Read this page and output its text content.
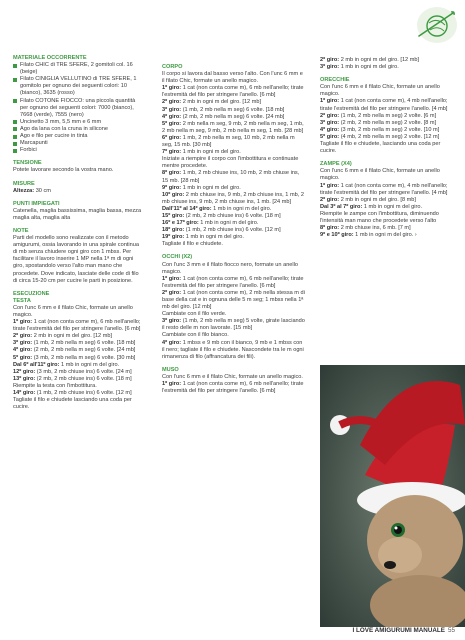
MATERIALE OCCORRENTE
Filato CHIC di TRE SFERE, 2 gomitoli col. 16 (beige)
Filato CINIGLIA VELLUTINO di TRE SFERE, 1 gomitolo per ognuno dei seguenti colori: 10 (bianco), 3635 (rosso)
Filato COTONE FIOCCO: una piccola quantità per ognuno dei seguenti colori: 7000 (bianco), 7668 (verde), 7555 (nero)
Uncinetto 3 mm, 5,5 mm e 6 mm
Ago da lana con la cruna in silicone
Ago e filo per cucire in tinta
Marcapunti
Forbici
TENSIONE
Potete lavorare secondo la vostra mano.
MISURE
Altezza: 30 cm
PUNTI IMPIEGATI
Catenella, maglia bassissima, maglia bassa, mezza maglia alta, maglia alta
NOTE
Parti del modello sono realizzate con il metodo amigurumi, ossia lavorando in una spirale continua di mb senza chiudere ogni giro con 1 mbss. Per facilitare il lavoro inserire 1 MP nella 1ª m di ogni giro, spostandolo verso l'alto man mano che procedete. Dove indicato, lasciate delle code di filo di circa 15-20 cm per cucire le parti in posizione.
ESECUZIONE
TESTA
Con l'unc 6 mm e il filato Chic, formate un anello magico.
1º giro: 1 cat (non conta come m), 6 mb nell'anello; tirate l'estremità del filo per stringere l'anello. [6 mb]
2º giro: 2 mb in ogni m del giro. [12 mb]
3º giro: (1 mb, 2 mb nella m seg) 6 volte. [18 mb]
4º giro: (2 mb, 2 mb nella m seg) 6 volte. [24 mb]
5º giro: (3 mb, 2 mb nella m seg) 6 volte. [30 mb]
Dal 6º all'11º giro: 1 mb in ogni m del giro.
12º giro: (3 mb, 2 mb chiuse ins) 6 volte. [24 m]
13º giro: (2 mb, 2 mb chiuse ins) 6 volte. [18 m]
Riempite la testa con l'imbottitura.
14º giro: (1 mb, 2 mb chiuse ins) 6 volte. [12 m]
Tagliate il filo e chiudete lasciando una coda per cucire.
CORPO
Il corpo si lavora dal basso verso l'alto. Con l'unc 6 mm e il filato Chic, formate un anello magico.
1º giro: 1 cat (non conta come m), 6 mb nell'anello; tirate l'estremità del filo per stringere l'anello. [6 mb]
2º giro: 2 mb in ogni m del giro. [12 mb]
3º giro: (1 mb, 2 mb nella m seg) 6 volte. [18 mb]
4º giro: (2 mb, 2 mb nella m seg) 6 volte. [24 mb]
5º giro: 2 mb nella m seg, 9 mb, 2 mb nella m seg, 1 mb, 2 mb nella m seg, 9 mb, 2 mb nella m seg, 1 mb. [28 mb]
6º giro: 1 mb, 2 mb nella m seg, 10 mb, 2 mb nella m seg, 15 mb. [30 mb]
7º giro: 1 mb in ogni m del giro.
Iniziate a riempire il corpo con l'imbottitura e continuate mentre procedete.
8º giro: 1 mb, 2 mb chiuse ins, 10 mb, 2 mb chiuse ins, 15 mb. [28 mb]
9º giro: 1 mb in ogni m del giro.
10º giro: 2 mb chiuse ins, 9 mb, 2 mb chiuse ins, 1 mb, 2 mb chiuse ins, 9 mb, 2 mb chiuse ins, 1 mb. [24 mb]
Dall'11º al 14º giro: 1 mb in ogni m del giro.
15º giro: (2 mb, 2 mb chiuse ins) 6 volte. [18 m]
16º e 17º giro: 1 mb in ogni m del giro.
18º giro: (1 mb, 2 mb chiuse ins) 6 volte. [12 m]
19º giro: 1 mb in ogni m del giro.
Tagliate il filo e chiudete.
OCCHI (X2)
Con l'unc 3 mm e il filato fiocco nero, formate un anello magico.
1º giro: 1 cat (non conta come m), 6 mb nell'anello; tirate l'estremità del filo per stringere l'anello. [6 mb]
2º giro: 1 cat (non conta come m), 2 mb nella stessa m di base della cat e in ognuna delle 5 m seg; 1 mbss nella 1ª mb del giro. [12 mb]
Cambiate con il filo verde.
3º giro: (1 mb, 2 mb nella m seg) 5 volte, girate lasciando il resto delle m non lavorate. [15 mb]
Cambiate con il filo bianco.
4º giro: 1 mbss e 9 mb con il bianco, 9 mb e 1 mbss con il nero; tagliate il filo e chiudete. Nascondete tra le m ogni rimanenza di filo (affrancatura dei fili).
MUSO
Con l'unc 6 mm e il filato Chic, formate un anello magico.
1º giro: 1 cat (non conta come m), 6 mb nell'anello; tirate l'estremità del filo per stringere l'anello. [6 mb]
2º giro: 2 mb in ogni m del giro. [12 mb]
3º giro: 1 mb in ogni m del giro.
ORECCHIE
Con l'unc 6 mm e il filato Chic, formate un anello magico.
1º giro: 1 cat (non conta come m), 4 mb nell'anello; tirate l'estremità del filo per stringere l'anello. [4 mb]
2º giro: (1 mb, 2 mb nella m seg) 2 volte. [6 m]
3º giro: (2 mb, 2 mb nella m seg) 2 volte. [8 m]
4º giro: (3 mb, 2 mb nella m seg) 2 volte. [10 m]
5º giro: (4 mb, 2 mb nella m seg) 2 volte. [12 m]
Tagliate il filo e chiudete, lasciando una coda per cucire.
ZAMPE (X4)
Con l'unc 6 mm e il filato Chic, formate un anello magico.
1º giro: 1 cat (non conta come m), 4 mb nell'anello; tirate l'estremità del filo per stringere l'anello. [4 mb]
2º giro: 2 mb in ogni m del giro. [8 mb]
Dal 3º al 7º giro: 1 mb in ogni m del giro.
Riempite le zampe con l'imbottitura, diminuendo l'intensità man mano che procedete verso l'alto
8º giro: 2 mb chiuse ins, 6 mb. [7 m]
9º e 10º giro: 1 mb in ogni m del giro. ›
I LOVE AMIGURUMI MANUALE 55
